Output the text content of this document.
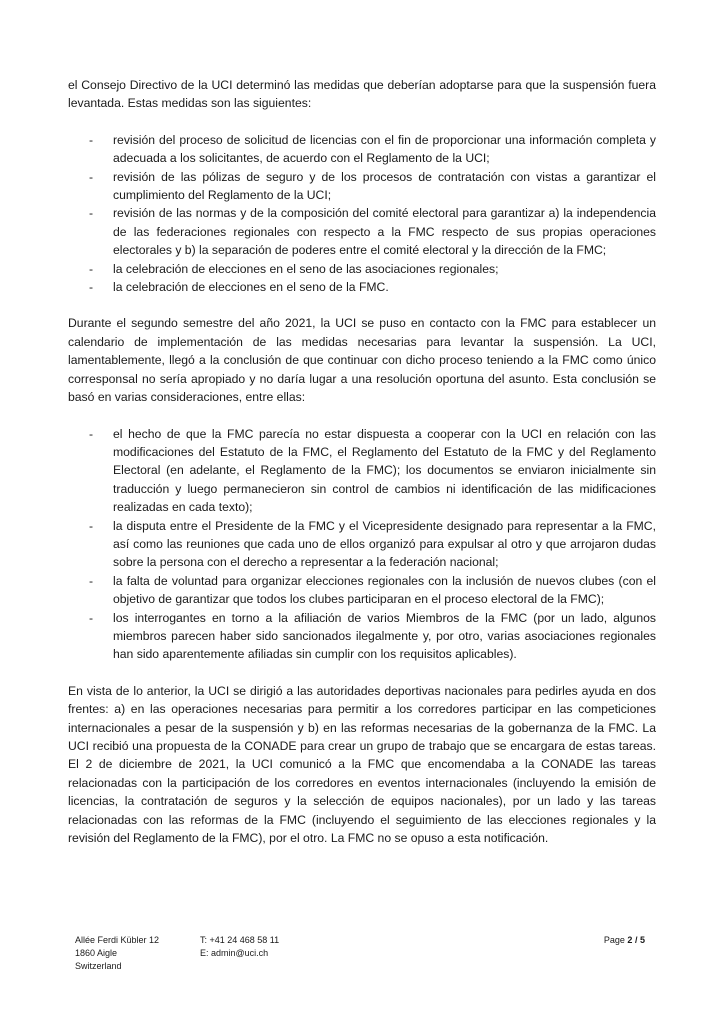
el Consejo Directivo de la UCI determinó las medidas que deberían adoptarse para que la suspensión fuera levantada. Estas medidas son las siguientes:

- revisión del proceso de solicitud de licencias con el fin de proporcionar una información completa y adecuada a los solicitantes, de acuerdo con el Reglamento de la UCI;
- revisión de las pólizas de seguro y de los procesos de contratación con vistas a garantizar el cumplimiento del Reglamento de la UCI;
- revisión de las normas y de la composición del comité electoral para garantizar a) la independencia de las federaciones regionales con respecto a la FMC respecto de sus propias operaciones electorales y b) la separación de poderes entre el comité electoral y la dirección de la FMC;
- la celebración de elecciones en el seno de las asociaciones regionales;
- la celebración de elecciones en el seno de la FMC.

Durante el segundo semestre del año 2021, la UCI se puso en contacto con la FMC para establecer un calendario de implementación de las medidas necesarias para levantar la suspensión. La UCI, lamentablemente, llegó a la conclusión de que continuar con dicho proceso teniendo a la FMC como único corresponsal no sería apropiado y no daría lugar a una resolución oportuna del asunto. Esta conclusión se basó en varias consideraciones, entre ellas:

- el hecho de que la FMC parecía no estar dispuesta a cooperar con la UCI en relación con las modificaciones del Estatuto de la FMC, el Reglamento del Estatuto de la FMC y del Reglamento Electoral (en adelante, el Reglamento de la FMC); los documentos se enviaron inicialmente sin traducción y luego permanecieron sin control de cambios ni identificación de las midificaciones realizadas en cada texto);
- la disputa entre el Presidente de la FMC y el Vicepresidente designado para representar a la FMC, así como las reuniones que cada uno de ellos organizó para expulsar al otro y que arrojaron dudas sobre la persona con el derecho a representar a la federación nacional;
- la falta de voluntad para organizar elecciones regionales con la inclusión de nuevos clubes (con el objetivo de garantizar que todos los clubes participaran en el proceso electoral de la FMC);
- los interrogantes en torno a la afiliación de varios Miembros de la FMC (por un lado, algunos miembros parecen haber sido sancionados ilegalmente y, por otro, varias asociaciones regionales han sido aparentemente afiliadas sin cumplir con los requisitos aplicables).

En vista de lo anterior, la UCI se dirigió a las autoridades deportivas nacionales para pedirles ayuda en dos frentes: a) en las operaciones necesarias para permitir a los corredores participar en las competiciones internacionales a pesar de la suspensión y b) en las reformas necesarias de la gobernanza de la FMC. La UCI recibió una propuesta de la CONADE para crear un grupo de trabajo que se encargara de estas tareas. El 2 de diciembre de 2021, la UCI comunicó a la FMC que encomendaba a la CONADE las tareas relacionadas con la participación de los corredores en eventos internacionales (incluyendo la emisión de licencias, la contratación de seguros y la selección de equipos nacionales), por un lado y las tareas relacionadas con las reformas de la FMC (incluyendo el seguimiento de las elecciones regionales y la revisión del Reglamento de la FMC), por el otro. La FMC no se opuso a esta notificación.

Allée Ferdi Kübler 12
1860 Aigle
Switzerland
T: +41 24 468 58 11
E: admin@uci.ch
Page 2 / 5
